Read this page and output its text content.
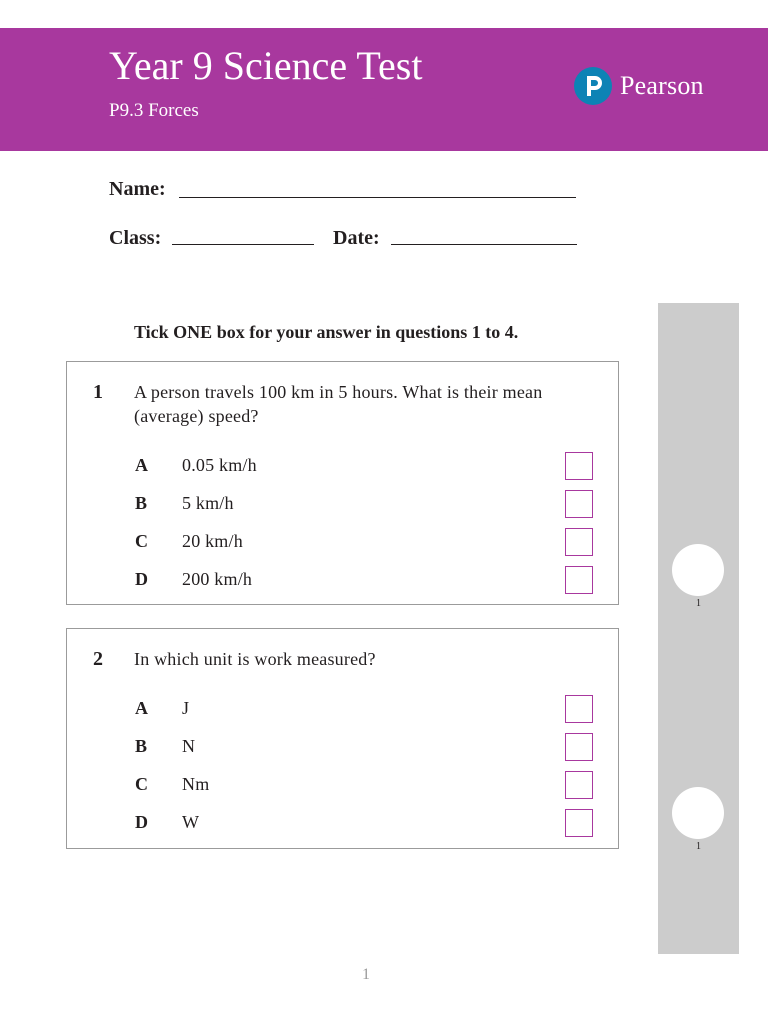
Year 9 Science Test
P9.3 Forces
Pearson
Name:
Class:	Date:
Tick ONE box for your answer in questions 1 to 4.
1 A person travels 100 km in 5 hours. What is their mean (average) speed?
A 0.05 km/h
B 5 km/h
C 20 km/h
D 200 km/h
2 In which unit is work measured?
A J
B N
C Nm
D W
1
1
1
